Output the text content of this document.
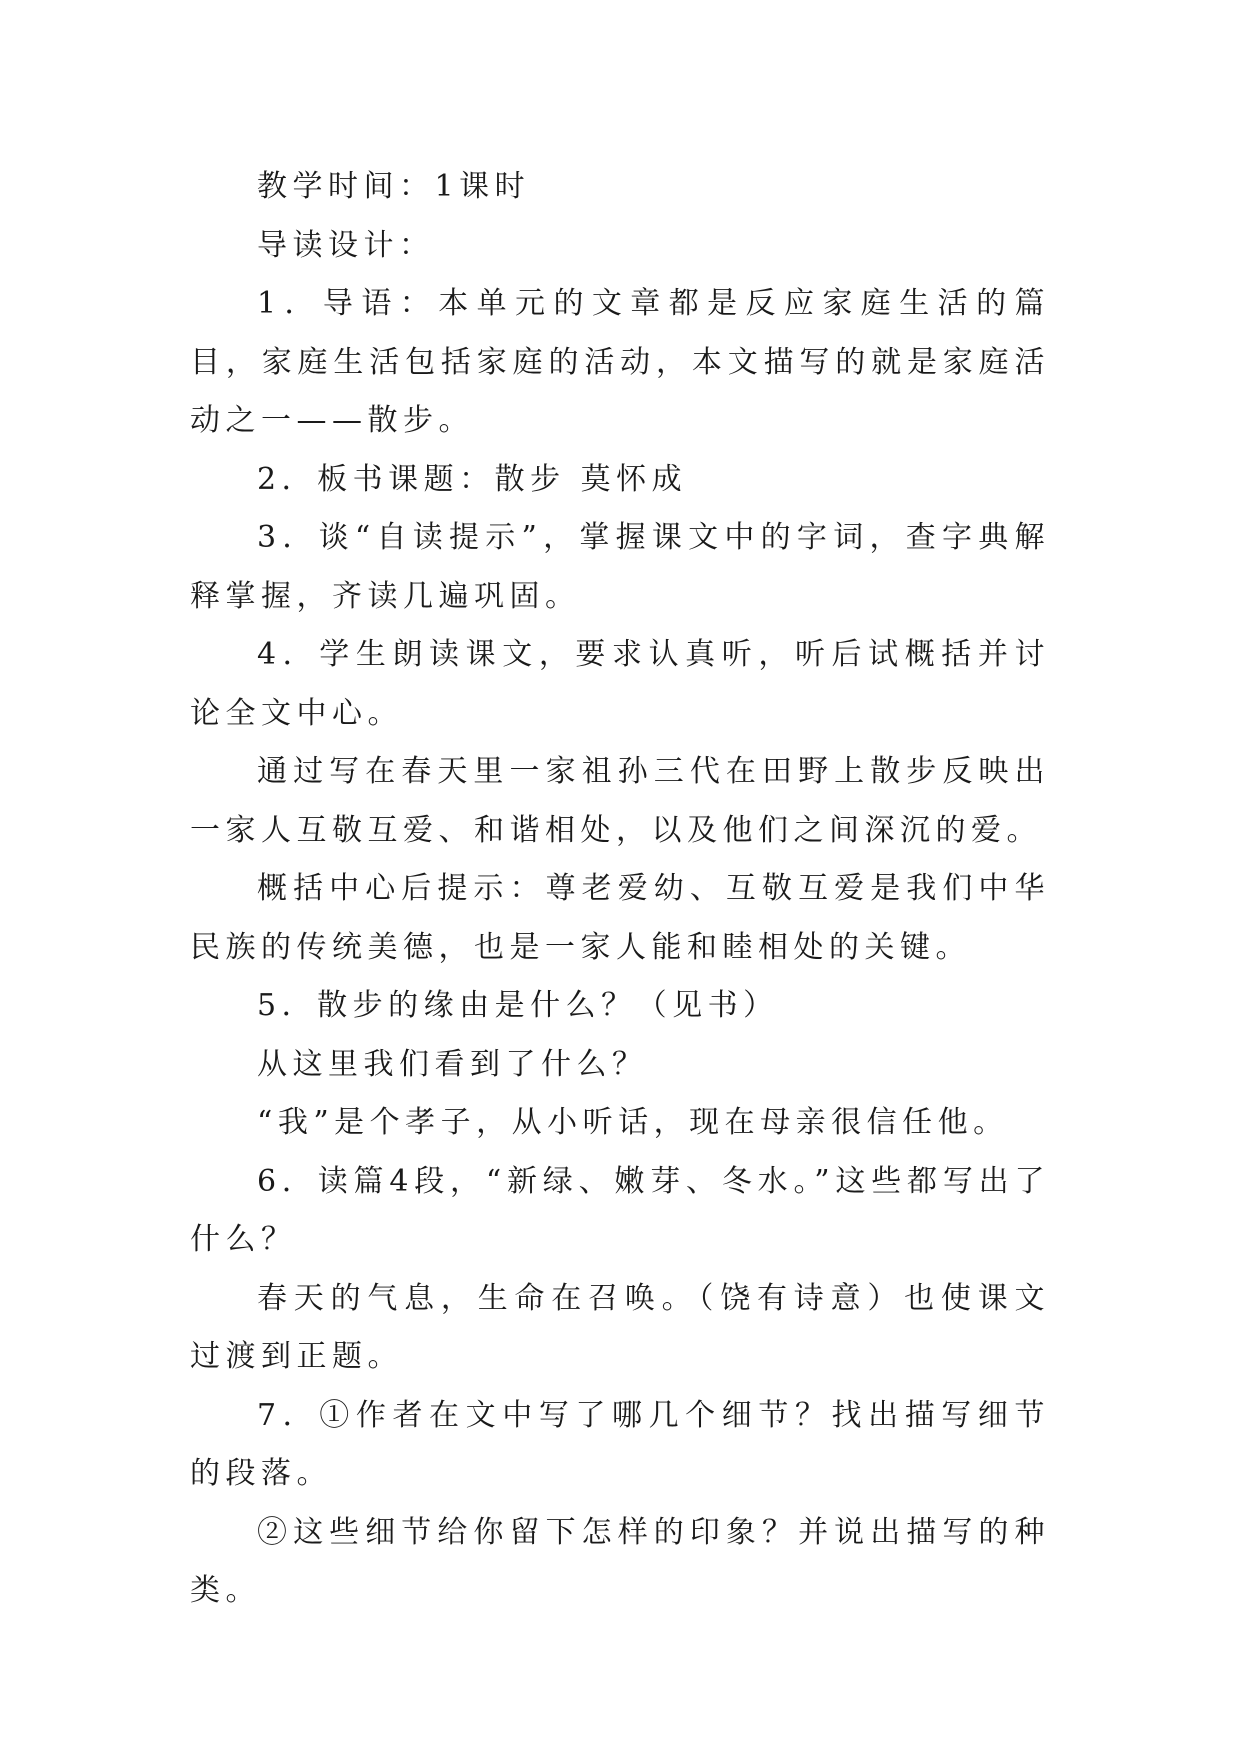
教学时间：1课时

导读设计：

1．导语：本单元的文章都是反应家庭生活的篇目，家庭生活包括家庭的活动，本文描写的就是家庭活动之一——散步。

2．板书课题：散步 莫怀成

3．谈“自读提示”，掌握课文中的字词，查字典解释掌握，齐读几遍巩固。

4．学生朗读课文，要求认真听，听后试概括并讨论全文中心。

通过写在春天里一家祖孙三代在田野上散步反映出一家人互敬互爱、和谐相处，以及他们之间深沉的爱。

概括中心后提示：尊老爱幼、互敬互爱是我们中华民族的传统美德，也是一家人能和睦相处的关键。

5．散步的缘由是什么？（见书）

从这里我们看到了什么？

“我”是个孝子，从小听话，现在母亲很信任他。

6．读篇4段，“新绿、嫩芽、冬水。”这些都写出了什么？

春天的气息，生命在召唤。（饶有诗意）也使课文过渡到正题。

7．①作者在文中写了哪几个细节？找出描写细节的段落。

②这些细节给你留下怎样的印象？并说出描写的种类。
